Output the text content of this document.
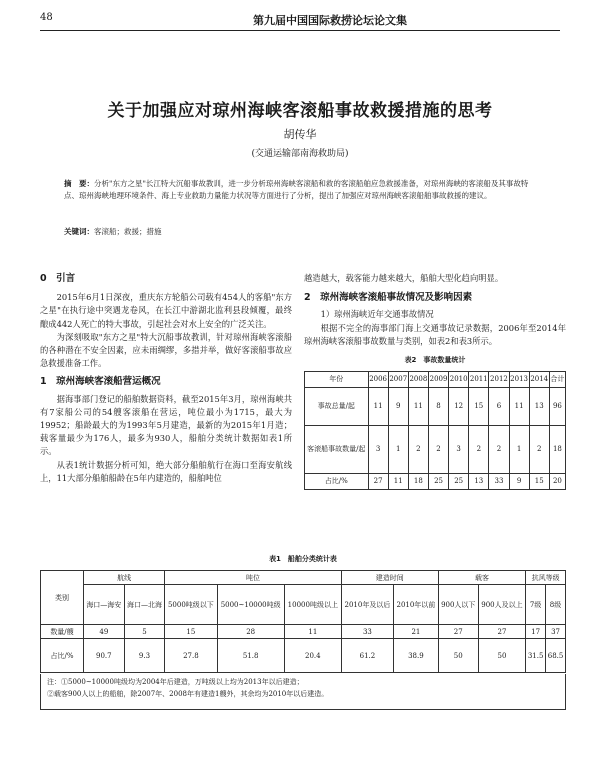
48	第九届中国国际救捞论坛论文集
关于加强应对琼州海峡客滚船事故救援措施的思考
胡传华
(交通运输部南海救助局)
摘　要：分析"东方之星"长江特大沉船事故教训，进一步分析琼州海峡客滚船和救的客滚船舶应急救援准备，对琼州海峡的客滚船及其事故特点、琼州海峡地理环境条件、海上专业救助力量能力状况等方面进行了分析，提出了加强应对琼州海峡客滚船舶事故救援的建议。
关键词：客滚船；救援；措施
0　引言

2015年6月1日深夜，重庆东方轮船公司载有454人的客船"东方之星"在执行途中突遇龙卷风，在长江中游湖北监利县段倾覆，最终酿成442人死亡的特大事故，引起社会对水上安全的广泛关注。

为深刻吸取"东方之星"特大沉船事故教训，针对琼州海峡客滚船的各种潜在不安全因素，应未雨绸缪，多措并举，做好客滚船事故应急救援准备工作。

1　琼州海峡客滚船营运概况

据海事部门登记的船舶数据资料，截至2015年3月，琼州海峡共有7家船公司的54艘客滚船在营运，吨位最小为1715，最大为19952；船龄最大的为1993年5月建造，最新的为2015年1月造；载客量最少为176人，最多为930人，船舶分类统计数据如表1所示。

从表1统计数据分析可知，绝大部分船舶航行在海口至海安航线上，11大部分船舶船龄在5年内建造的，船舶吨位

越造越大，载客能力越来越大，船舶大型化趋向明显。

2　琼州海峡客滚船事故情况及影响因素
1）琼州海峡近年交通事故情况

根据不完全的海事部门海上交通事故记录数据，2006年至2014年琼州海峡客滚船事故数量与类别，如表2和表3所示。

表2　事故数量统计
年份	2006	2007	2008	2009	2010	2011	2012	2013	2014	合计
事故总量/起	11	9	11	8	12	15	6	11	13	96
客滚船事故数量/起	3	1	2	2	3	2	2	1	2	18
占比/%	27	11	18	25	25	13	33	9	15	20
表1　船舶分类统计表
类别	航线		吨位			建造时间		载客		抗风等级	
	海口—海安	海口—北海	5000吨级以下	5000~10000吨级	10000吨级以上	2010年及以后	2010年以前	900人以下	900人及以上	7级	8级
数量/艘	49	5	15	28	11	33	21	27	27	17	37
占比/%	90.7	9.3	27.8	51.8	20.4	61.2	38.9	50	50	31.5	68.5
注：①5000~10000吨级均为2004年后建造，万吨级以上均为2013年以后建造；
②载客900人以上的船舶，除2007年、2008年有建造1艘外，其余均为2010年以后建造。
